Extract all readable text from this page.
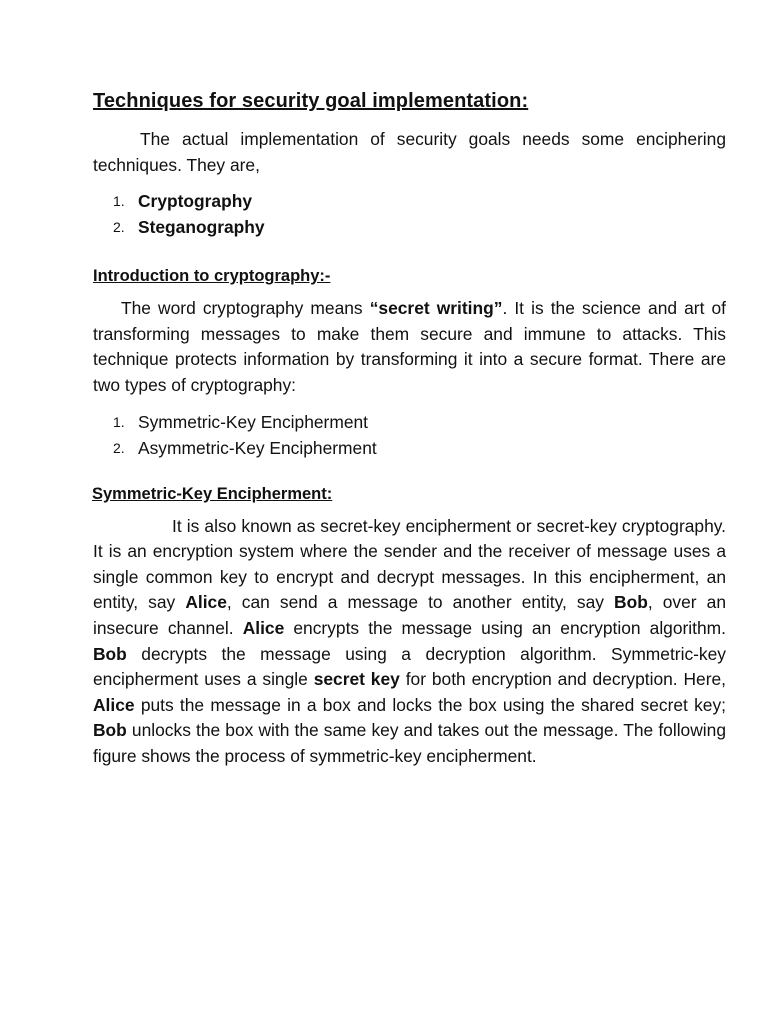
Techniques for security goal implementation:

The actual implementation of security goals needs some enciphering techniques. They are,

1. Cryptography
2. Steganography
Introduction to cryptography:-

The word cryptography means “secret writing”. It is the science and art of transforming messages to make them secure and immune to attacks. This technique protects information by transforming it into a secure format. There are two types of cryptography:

1. Symmetric-Key Encipherment
2. Asymmetric-Key Encipherment
Symmetric-Key Encipherment:

It is also known as secret-key encipherment or secret-key cryptography. It is an encryption system where the sender and the receiver of message uses a single common key to encrypt and decrypt messages. In this encipherment, an entity, say Alice, can send a message to another entity, say Bob, over an insecure channel. Alice encrypts the message using an encryption algorithm. Bob decrypts the message using a decryption algorithm. Symmetric-key encipherment uses a single secret key for both encryption and decryption. Here, Alice puts the message in a box and locks the box using the shared secret key; Bob unlocks the box with the same key and takes out the message. The following figure shows the process of symmetric-key encipherment.
